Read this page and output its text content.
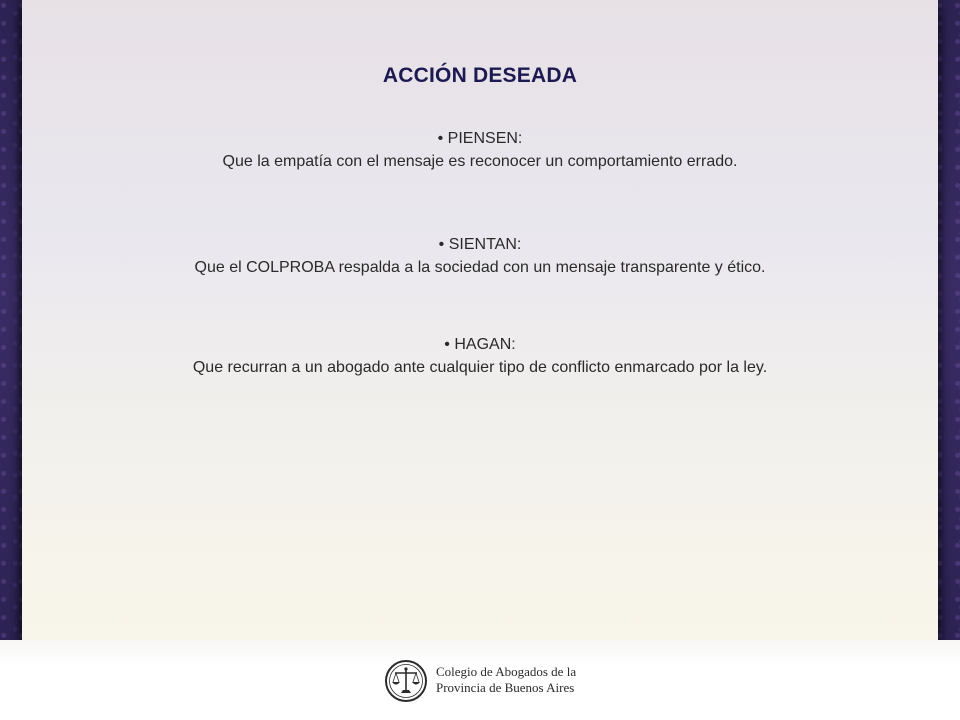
ACCIÓN DESEADA
• PIENSEN:
Que la empatía con el mensaje es reconocer un comportamiento errado.
• SIENTAN:
Que el COLPROBA respalda a la sociedad con un mensaje transparente y ético.
• HAGAN:
Que recurran a un abogado ante cualquier tipo de conflicto enmarcado por la ley.
Colegio de Abogados de la
Provincia de Buenos Aires
